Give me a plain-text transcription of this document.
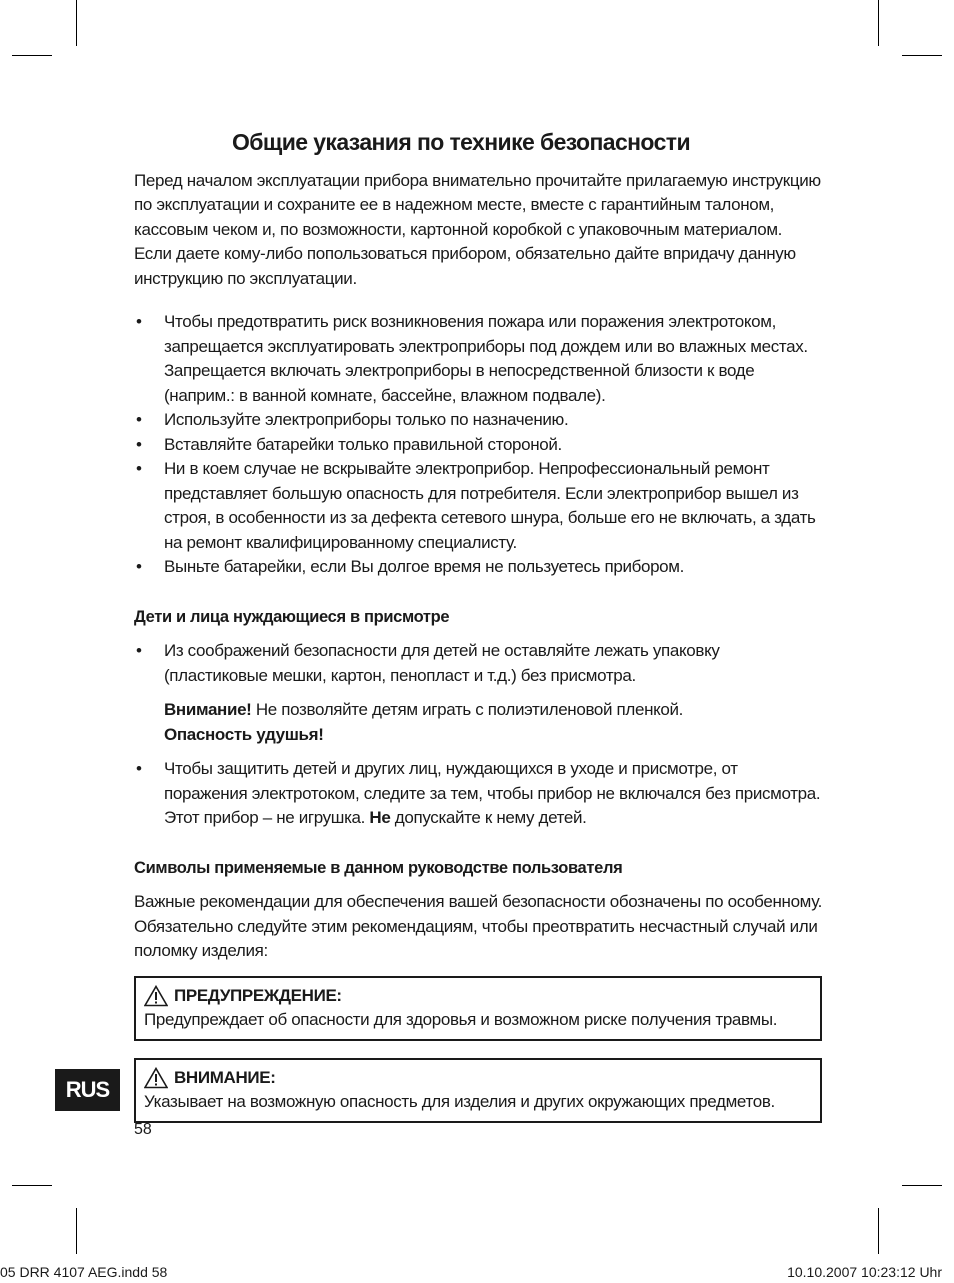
Общие указания по технике безопасности

Перед началом эксплуатации прибора внимательно прочитайте прилагаемую инструкцию по эксплуатации и сохраните ее в надежном месте, вместе с гарантийным талоном, кассовым чеком и, по возможности, картонной коробкой с упаковочным материалом. Если даете кому-либо попользоваться прибором, обязательно дайте впридачу данную инструкцию по эксплуатации.

• Чтобы предотвратить риск возникновения пожара или поражения электротоком, запрещается эксплуатировать электроприборы под дождем или во влажных местах. Запрещается включать электроприборы в непосредственной близости к воде (наприм.: в ванной комнате, бассейне, влажном подвале).
• Используйте электроприборы только по назначению.
• Вставляйте батарейки только правильной стороной.
• Ни в коем случае не вскрывайте электроприбор. Непрофессиональный ремонт представляет большую опасность для потребителя. Если электроприбор вышел из строя, в особенности из за дефекта сетевого шнура, больше его не включать, а здать на ремонт квалифицированному специалисту.
• Выньте батарейки, если Вы долгое время не пользуетесь прибором.
Дети и лица нуждающиеся в присмотре
• Из соображений безопасности для детей не оставляйте лежать упаковку (пластиковые мешки, картон, пенопласт и т.д.) без присмотра.

Внимание! Не позволяйте детям играть с полиэтиленовой пленкой.
Опасность удушья!

• Чтобы защитить детей и других лиц, нуждающихся в уходе и присмотре, от поражения электротоком, следите за тем, чтобы прибор не включался без присмотра. Этот прибор – не игрушка. Не допускайте к нему детей.
Символы применяемые в данном руководстве пользователя

Важные рекомендации для обеспечения вашей безопасности обозначены по особенному. Обязательно следуйте этим рекомендациям, чтобы преотвратить несчастный случай или поломку изделия:

ПРЕДУПРЕЖДЕНИЕ:
Предупреждает об опасности для здоровья и возможном риске получения травмы.
ВНИМАНИЕ:
Указывает на возможную опасность для изделия и других окружающих предметов.
RUS
58
05 DRR 4107 AEG.indd 58	10.10.2007 10:23:12 Uhr
